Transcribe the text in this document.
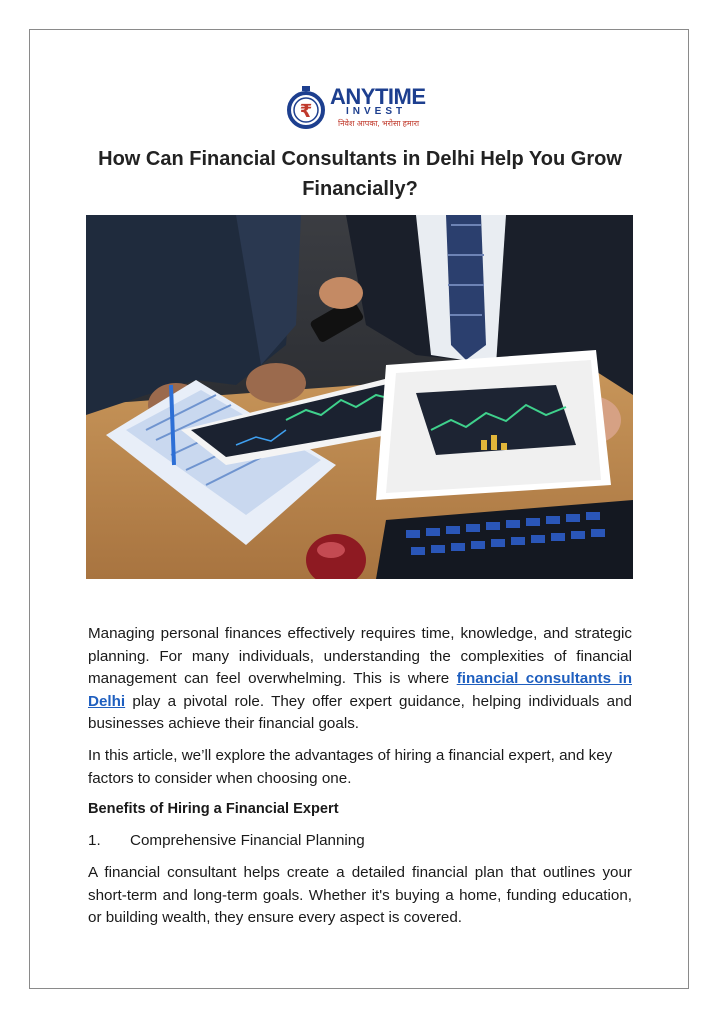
₹
ANYTIME
INVEST
निवेश आपका, भरोसा हमारा
How Can Financial Consultants in Delhi Help You Grow Financially?
Managing personal finances effectively requires time, knowledge, and strategic planning. For many individuals, understanding the complexities of financial management can feel overwhelming. This is where financial consultants in Delhi play a pivotal role. They offer expert guidance, helping individuals and businesses achieve their financial goals.
In this article, we’ll explore the advantages of hiring a financial expert, and key factors to consider when choosing one.
Benefits of Hiring a Financial Expert
1. Comprehensive Financial Planning
A financial consultant helps create a detailed financial plan that outlines your short-term and long-term goals. Whether it's buying a home, funding education, or building wealth, they ensure every aspect is covered.
